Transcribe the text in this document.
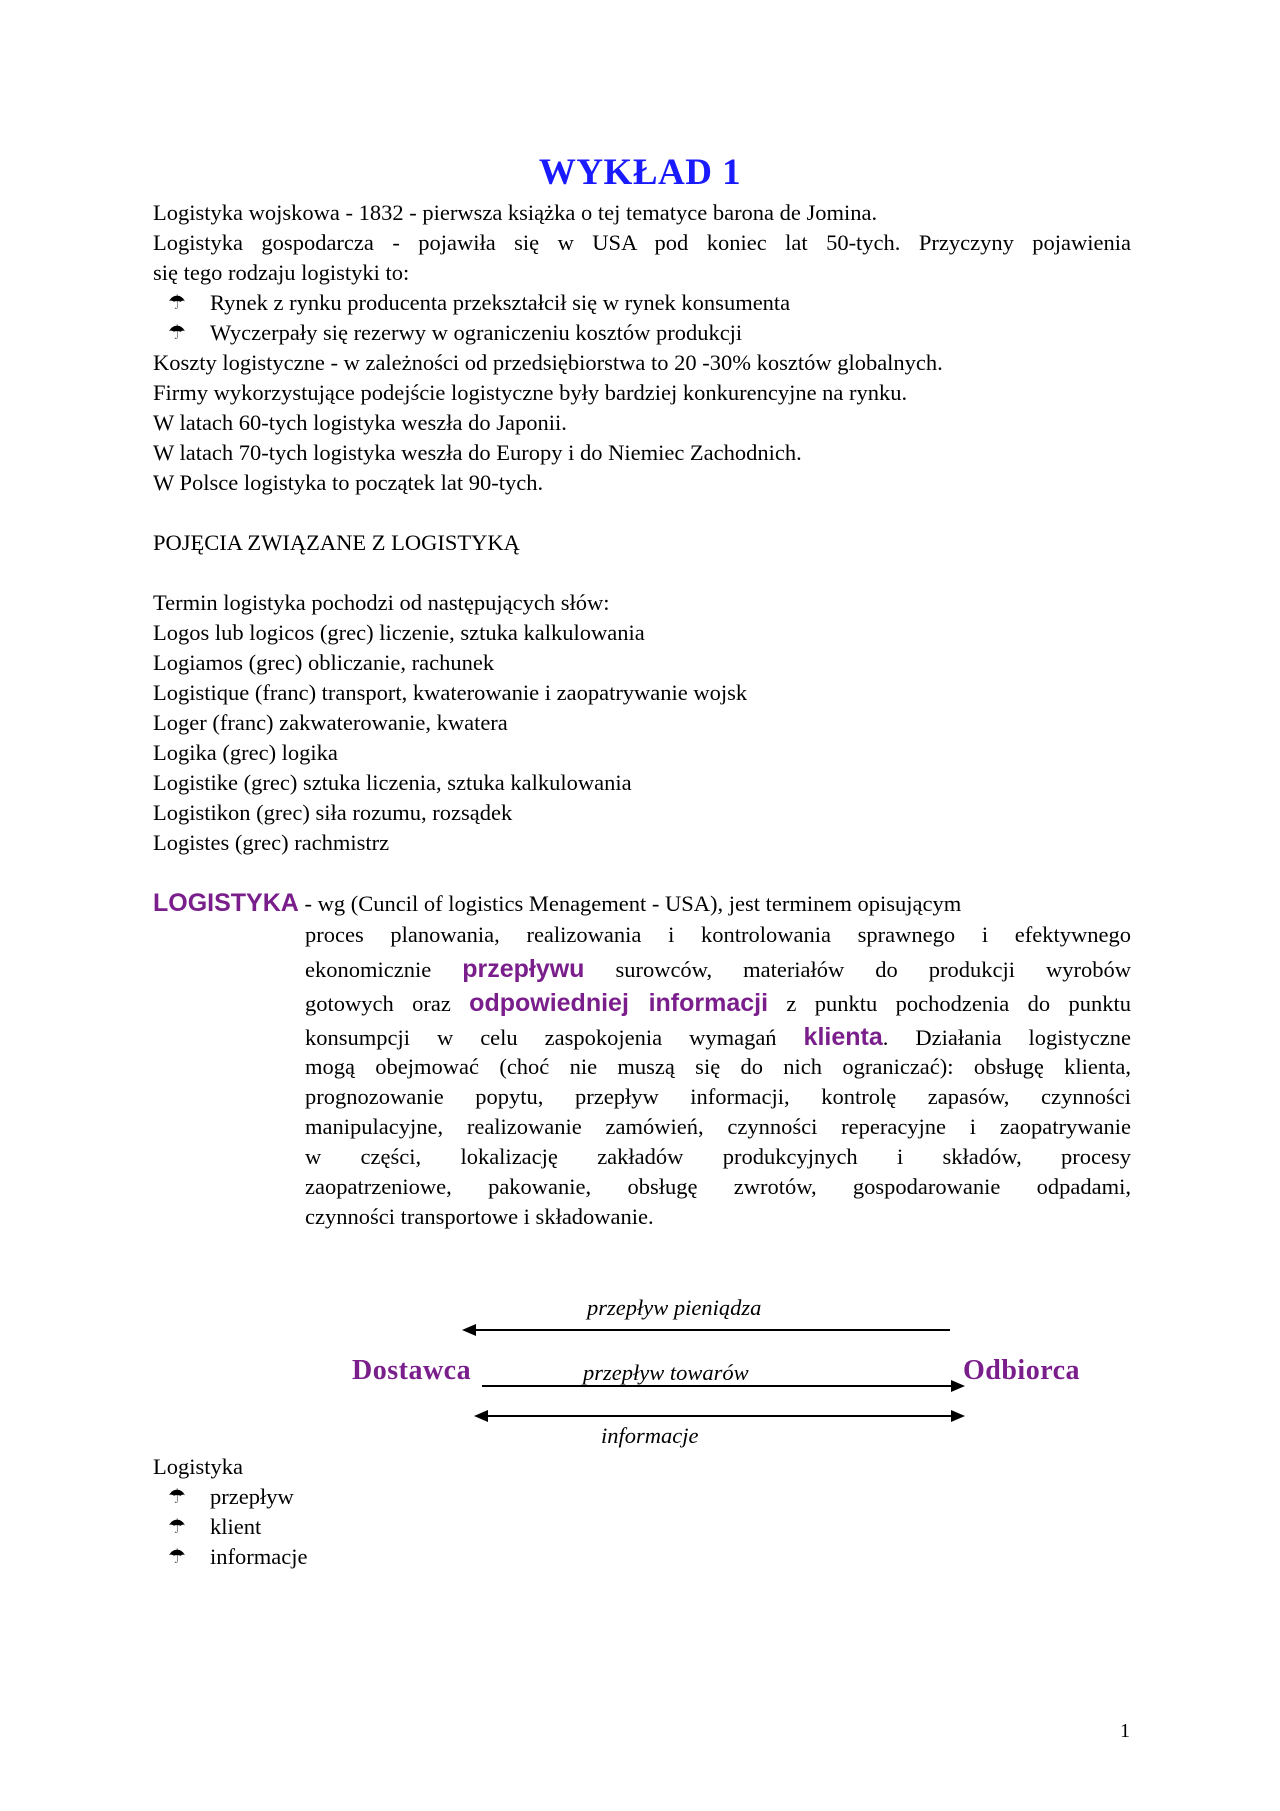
WYKŁAD 1
Logistyka wojskowa - 1832 - pierwsza książka o tej tematyce barona de Jomina.
Logistyka gospodarcza - pojawiła się w USA pod koniec lat 50-tych. Przyczyny pojawienia
się tego rodzaju logistyki to:
☂ Rynek z rynku producenta przekształcił się w rynek konsumenta
☂ Wyczerpały się rezerwy w ograniczeniu kosztów produkcji
Koszty logistyczne - w zależności od przedsiębiorstwa to 20 -30% kosztów globalnych.
Firmy wykorzystujące podejście logistyczne były bardziej konkurencyjne na rynku.
W latach 60-tych logistyka weszła do Japonii.
W latach 70-tych logistyka weszła do Europy i do Niemiec Zachodnich.
W Polsce logistyka to początek lat 90-tych.
POJĘCIA ZWIĄZANE Z LOGISTYKĄ
Termin logistyka pochodzi od następujących słów:
Logos lub logicos (grec) liczenie, sztuka kalkulowania
Logiamos (grec) obliczanie, rachunek
Logistique (franc) transport, kwaterowanie i zaopatrywanie wojsk
Loger (franc) zakwaterowanie, kwatera
Logika (grec) logika
Logistike (grec) sztuka liczenia, sztuka kalkulowania
Logistikon (grec) siła rozumu, rozsądek
Logistes (grec) rachmistrz
LOGISTYKA - wg (Cuncil of logistics Menagement - USA), jest terminem opisującym
proces planowania, realizowania i kontrolowania sprawnego i efektywnego
ekonomicznie przepływu surowców, materiałów do produkcji wyrobów
gotowych oraz odpowiedniej informacji z punktu pochodzenia do punktu
konsumpcji w celu zaspokojenia wymagań klienta. Działania logistyczne
mogą obejmować (choć nie muszą się do nich ograniczać): obsługę klienta,
prognozowanie popytu, przepływ informacji, kontrolę zapasów, czynności
manipulacyjne, realizowanie zamówień, czynności reperacyjne i zaopatrywanie
w części, lokalizację zakładów produkcyjnych i składów, procesy
zaopatrzeniowe, pakowanie, obsługę zwrotów, gospodarowanie odpadami,
czynności transportowe i składowanie.
przepływ pieniądza
Dostawca	Odbiorca
przepływ towarów
informacje
Logistyka
☂ przepływ
☂ klient
☂ informacje
1
